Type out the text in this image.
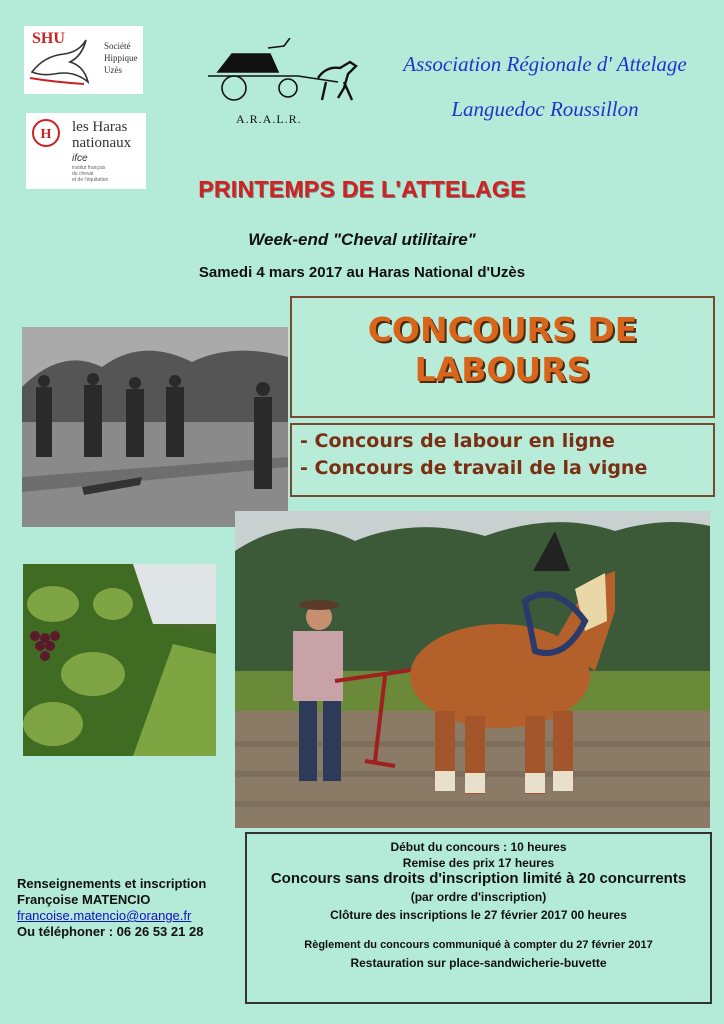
SHU	Société
Hippique
Uzès
H les Haras
nationaux
ifce
institut français
du cheval
et de l'équitation
A.R.A.L.R.
Association Régionale d' Attelage
Languedoc Roussillon
PRINTEMPS DE L'ATTELAGE
Week-end "Cheval utilitaire"
Samedi 4 mars 2017 au Haras National d'Uzès
CONCOURS DE
LABOURS
- Concours de labour en ligne
- Concours de travail de la vigne
Renseignements et inscription
Françoise MATENCIO
francoise.matencio@orange.fr
Ou téléphoner : 06 26 53 21 28
Début du concours : 10 heures
Remise des prix 17 heures
Concours sans droits d'inscription limité à 20 concurrents (par ordre d'inscription)
Clôture des inscriptions le 27 février 2017 00 heures
Règlement du concours communiqué à compter du 27 février 2017
Restauration sur place-sandwicherie-buvette
